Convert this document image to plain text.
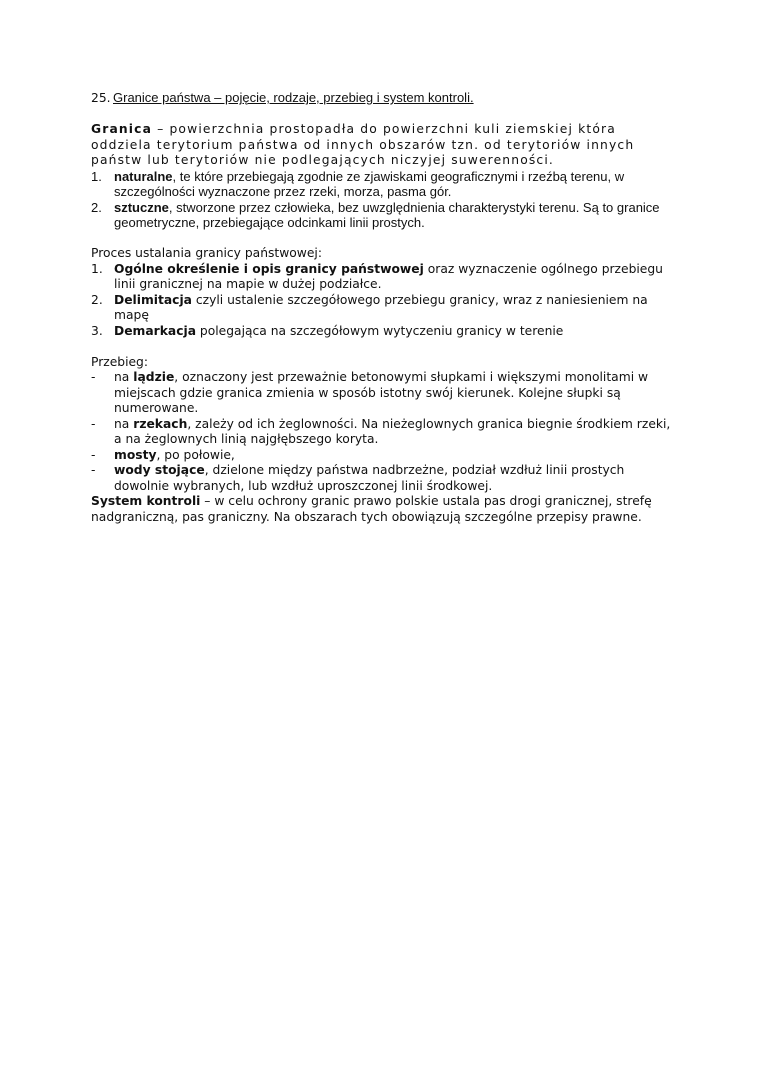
25. Granice państwa – pojęcie, rodzaje, przebieg i system kontroli.

Granica – powierzchnia prostopadła do powierzchni kuli ziemskiej która oddziela terytorium państwa od innych obszarów tzn. od terytoriów innych państw lub terytoriów nie podlegających niczyjej suwerenności.

1. naturalne, te które przebiegają zgodnie ze zjawiskami geograficznymi i rzeźbą terenu, w szczególności wyznaczone przez rzeki, morza, pasma gór.
2. sztuczne, stworzone przez człowieka, bez uwzględnienia charakterystyki terenu. Są to granice geometryczne, przebiegające odcinkami linii prostych.

Proces ustalania granicy państwowej:

1. Ogólne określenie i opis granicy państwowej oraz wyznaczenie ogólnego przebiegu linii granicznej na mapie w dużej podziałce.
2. Delimitacja czyli ustalenie szczegółowego przebiegu granicy, wraz z naniesieniem na mapę
3. Demarkacja polegająca na szczegółowym wytyczeniu granicy w terenie

Przebieg:

- na lądzie, oznaczony jest przeważnie betonowymi słupkami i większymi monolitami w miejscach gdzie granica zmienia w sposób istotny swój kierunek. Kolejne słupki są numerowane.
- na rzekach, zależy od ich żeglowności. Na nieżeglownych granica biegnie środkiem rzeki, a na żeglownych linią najgłębszego koryta.
- mosty, po połowie,
- wody stojące, dzielone między państwa nadbrzeżne, podział wzdłuż linii prostych dowolnie wybranych, lub wzdłuż uproszczonej linii środkowej.

System kontroli – w celu ochrony granic prawo polskie ustala pas drogi granicznej, strefę nadgraniczną, pas graniczny. Na obszarach tych obowiązują szczególne przepisy prawne.
